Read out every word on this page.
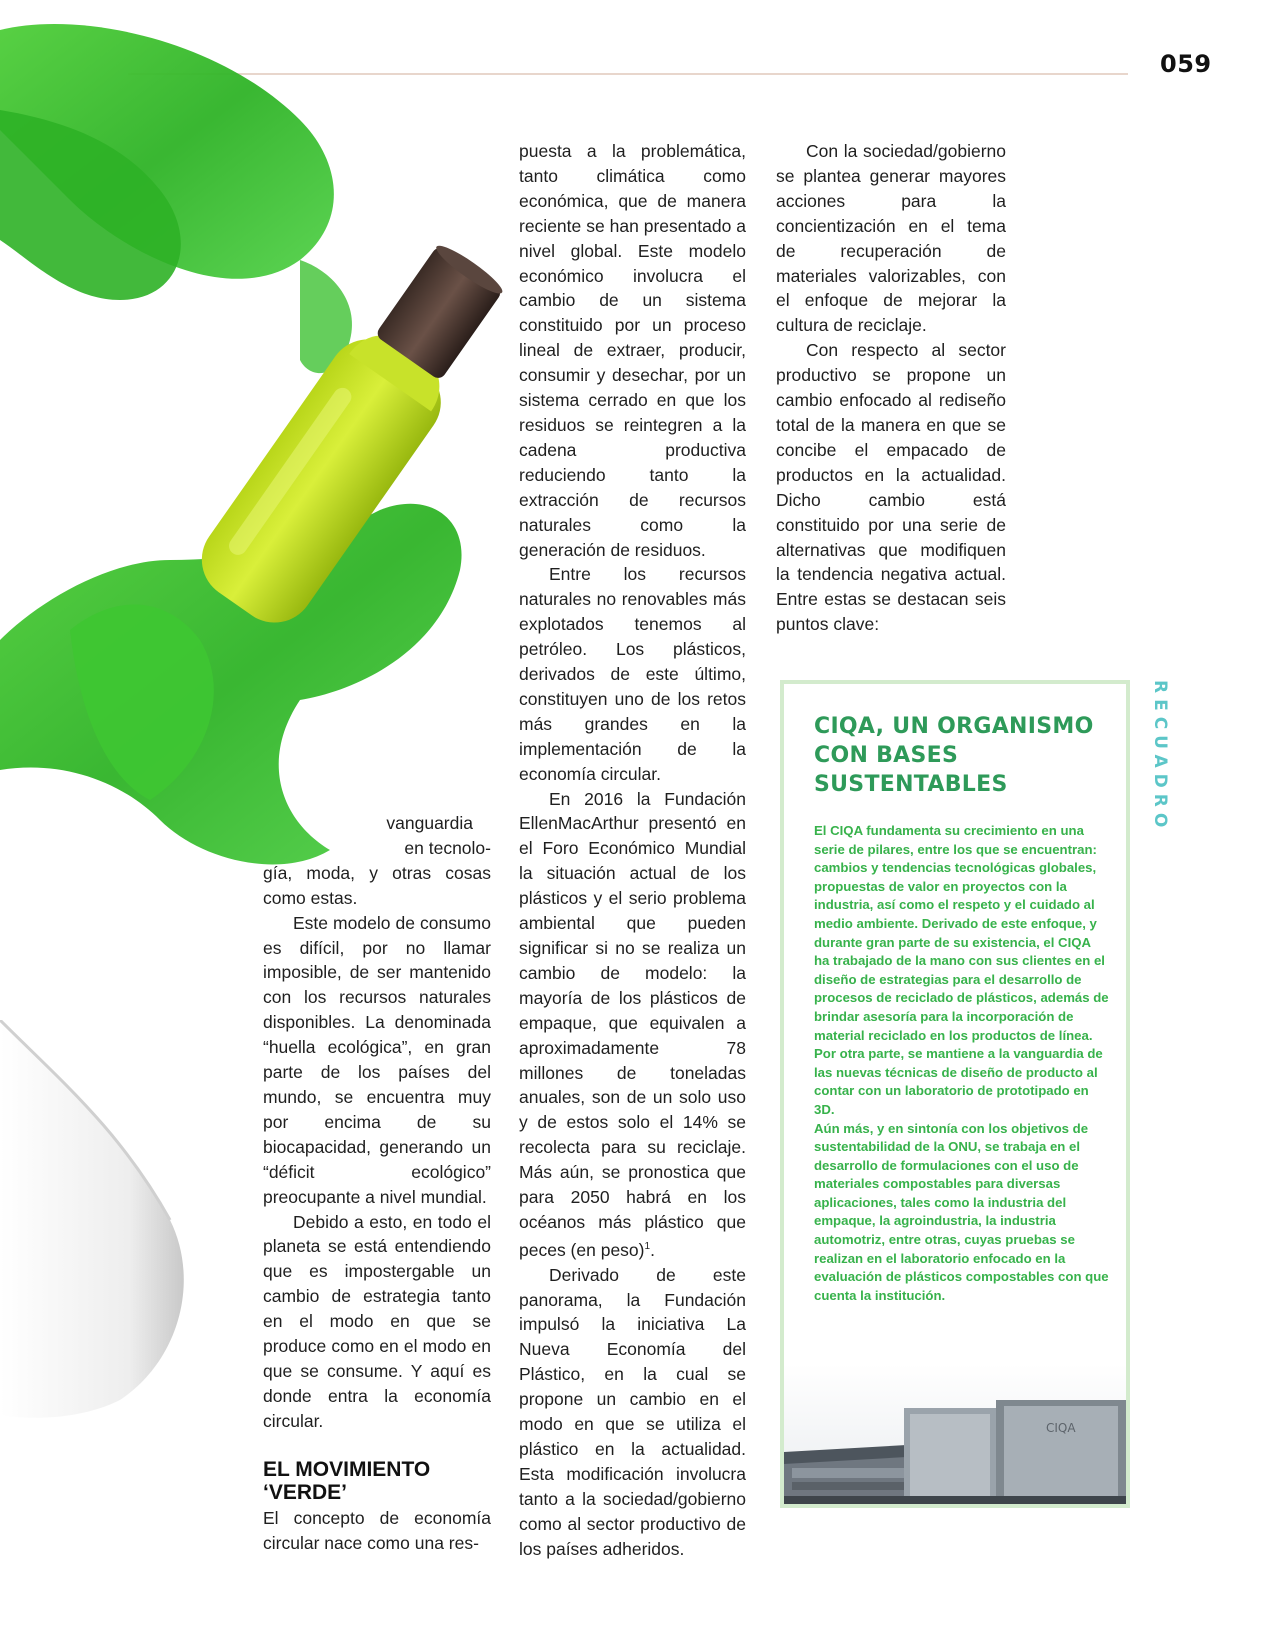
059

vanguardia
en tecnolo-

gía, moda, y otras cosas como estas.

Este modelo de consumo es difícil, por no llamar imposible, de ser mantenido con los recursos naturales disponibles. La denominada “huella ecológica”, en gran parte de los países del mundo, se encuentra muy por encima de su biocapacidad, generando un “déficit ecológico” preocupante a nivel mundial.

Debido a esto, en todo el planeta se está entendiendo que es impostergable un cambio de estrategia tanto en el modo en que se produce como en el modo en que se consume. Y aquí es donde entra la economía circular.

EL MOVIMIENTO ‘VERDE’

El concepto de economía circular nace como una res-

puesta a la problemática, tanto climática como económica, que de manera reciente se han presentado a nivel global. Este modelo económico involucra el cambio de un sistema constituido por un proceso lineal de extraer, producir, consumir y desechar, por un sistema cerrado en que los residuos se reintegren a la cadena productiva reduciendo tanto la extracción de recursos naturales como la generación de residuos.

Entre los recursos naturales no renovables más explotados tenemos al petróleo. Los plásticos, derivados de este último, constituyen uno de los retos más grandes en la implementación de la economía circular.

En 2016 la Fundación EllenMacArthur presentó en el Foro Económico Mundial la situación actual de los plásticos y el serio problema ambiental que pueden significar si no se realiza un cambio de modelo: la mayoría de los plásticos de empaque, que equivalen a aproximadamente 78 millones de toneladas anuales, son de un solo uso y de estos solo el 14% se recolecta para su reciclaje. Más aún, se pronostica que para 2050 habrá en los océanos más plástico que peces (en peso)$^1$.

Derivado de este panorama, la Fundación impulsó la iniciativa La Nueva Economía del Plástico, en la cual se propone un cambio en el modo en que se utiliza el plástico en la actualidad. Esta modificación involucra tanto a la sociedad/gobierno como al sector productivo de los países adheridos.

Con la sociedad/gobierno se plantea generar mayores acciones para la concientización en el tema de recuperación de materiales valorizables, con el enfoque de mejorar la cultura de reciclaje.

Con respecto al sector productivo se propone un cambio enfocado al rediseño total de la manera en que se concibe el empacado de productos en la actualidad. Dicho cambio está constituido por una serie de alternativas que modifiquen la tendencia negativa actual. Entre estas se destacan seis puntos clave:

CIQA, UN ORGANISMO CON BASES SUSTENTABLES

El CIQA fundamenta su crecimiento en una serie de pilares, entre los que se encuentran: cambios y tendencias tecnológicas globales, propuestas de valor en proyectos con la industria, así como el respeto y el cuidado al medio ambiente. Derivado de este enfoque, y durante gran parte de su existencia, el CIQA ha trabajado de la mano con sus clientes en el diseño de estrategias para el desarrollo de procesos de reciclado de plásticos, además de brindar asesoría para la incorporación de material reciclado en los productos de línea.

Por otra parte, se mantiene a la vanguardia de las nuevas técnicas de diseño de producto al contar con un laboratorio de prototipado en 3D.

Aún más, y en sintonía con los objetivos de sustentabilidad de la ONU, se trabaja en el desarrollo de formulaciones con el uso de materiales compostables para diversas aplicaciones, tales como la industria del empaque, la agroindustria, la industria automotriz, entre otras, cuyas pruebas se realizan en el laboratorio enfocado en la evaluación de plásticos compostables con que cuenta la institución.

CIQA
RECUADRO
